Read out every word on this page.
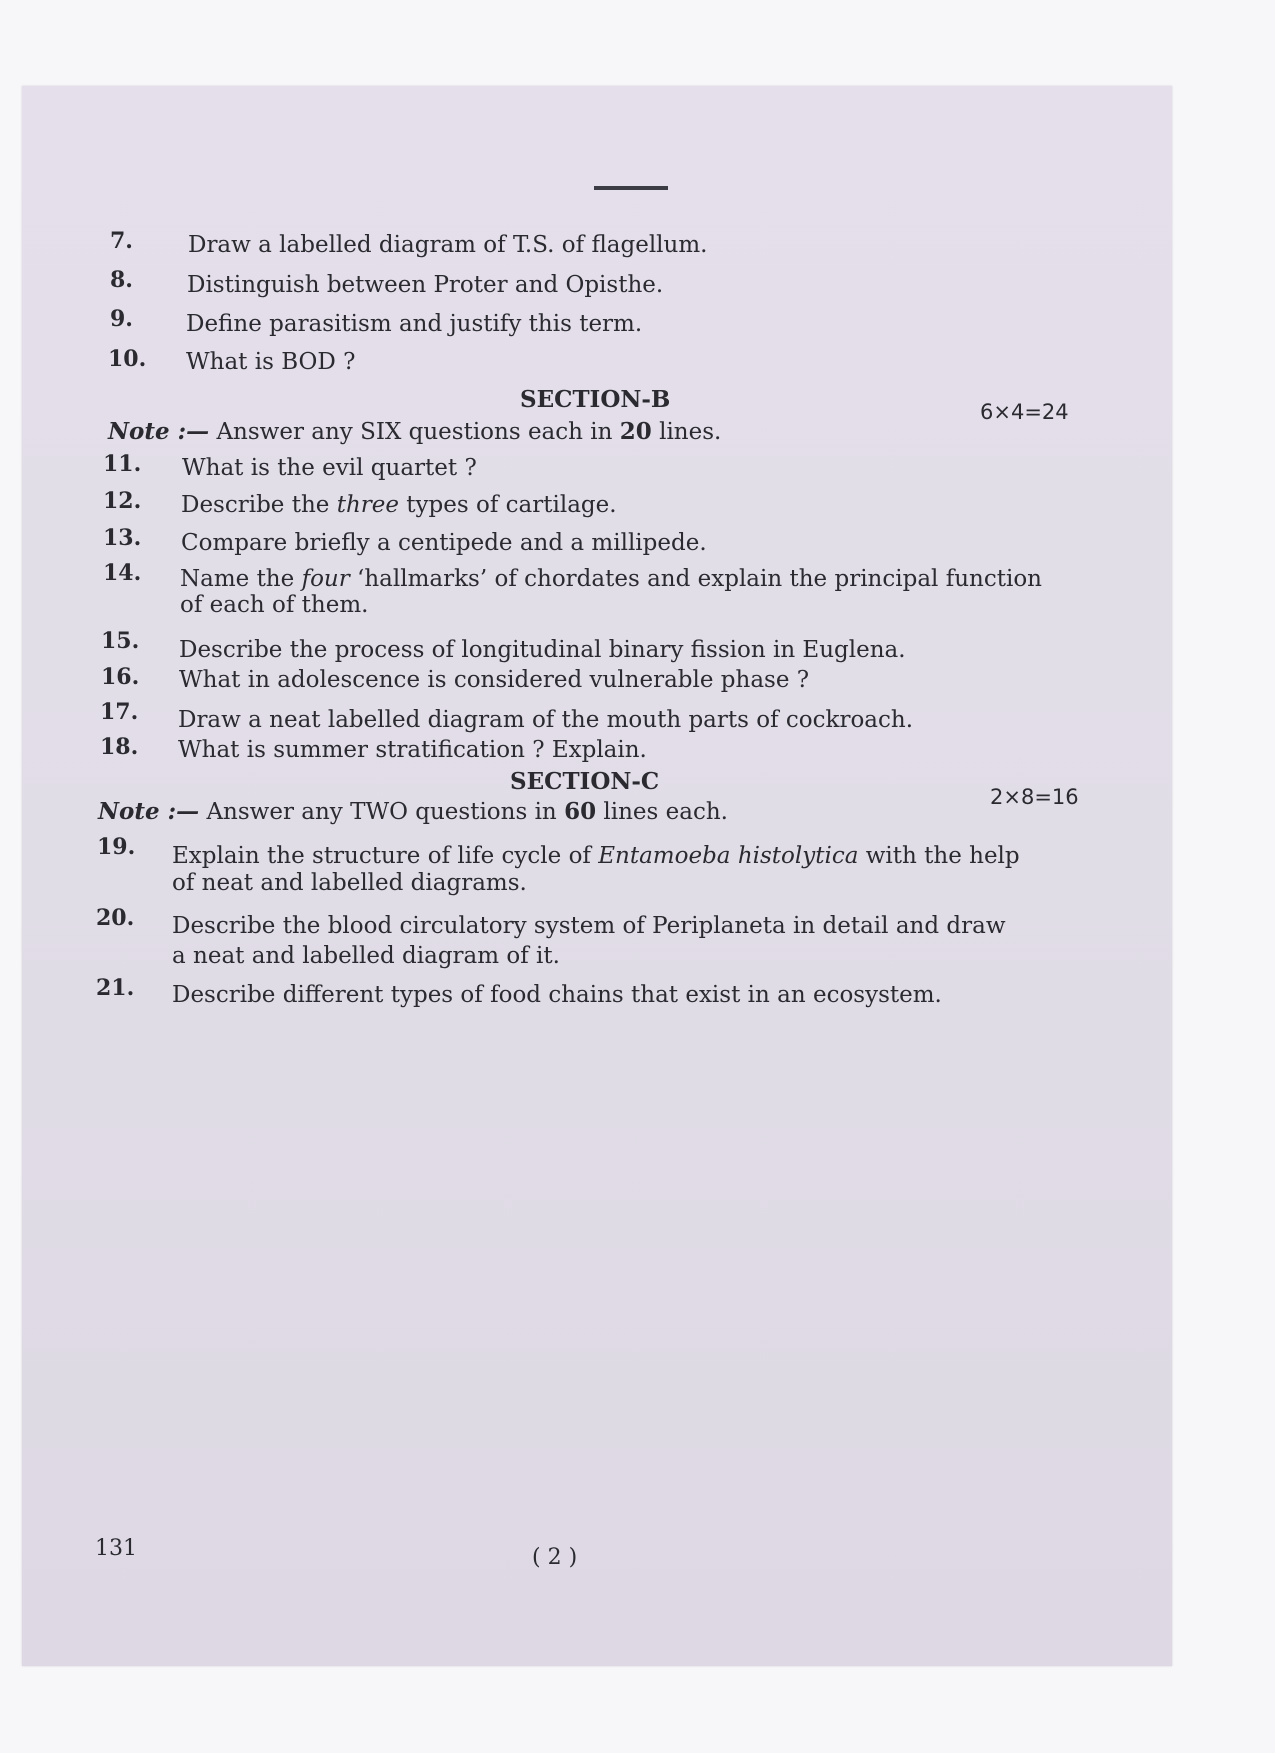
7. Draw a labelled diagram of T.S. of flagellum.
8. Distinguish between Proter and Opisthe.
9. Define parasitism and justify this term.
10. What is BOD ?
SECTION-B	6×4=24
Note :— Answer any SIX questions each in 20 lines.
11. What is the evil quartet ?
12. Describe the three types of cartilage.
13. Compare briefly a centipede and a millipede.
14. Name the four ‘hallmarks’ of chordates and explain the principal function
of each of them.
15. Describe the process of longitudinal binary fission in Euglena.
16. What in adolescence is considered vulnerable phase ?
17. Draw a neat labelled diagram of the mouth parts of cockroach.
18. What is summer stratification ? Explain.
SECTION-C
2×8=16
Note :— Answer any TWO questions in 60 lines each.
19. Explain the structure of life cycle of Entamoeba histolytica with the help
of neat and labelled diagrams.
20. Describe the blood circulatory system of Periplaneta in detail and draw
a neat and labelled diagram of it.
21. Describe different types of food chains that exist in an ecosystem.
131	( 2 )
